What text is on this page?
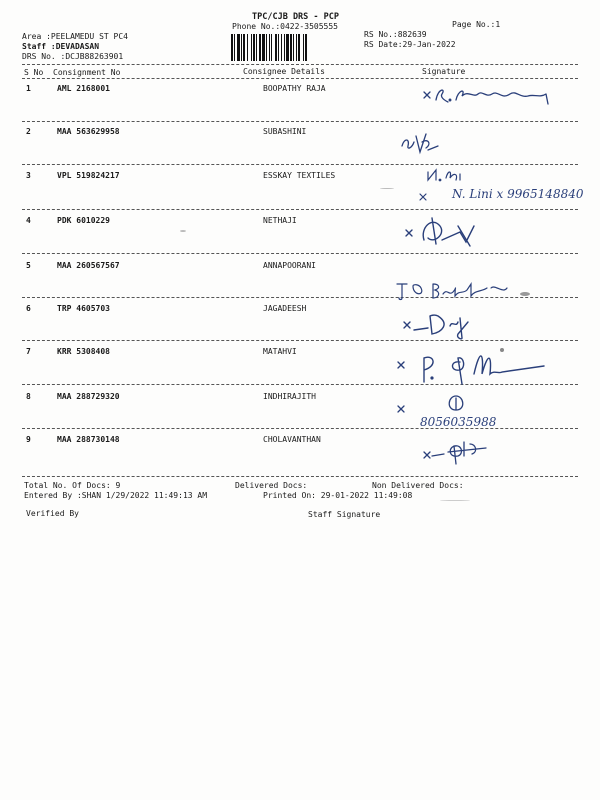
TPC/CJB DRS - PCP
Phone No.:0422-3505555	Page No.:1
Area :PEELAMEDU ST PC4
Staff :DEVADASAN
DRS No. :DCJB88263901
RS No.:882639
RS Date:29-Jan-2022
S No Consignment No	Consignee Details	Signature
1	AML 2168001	BOOPATHY RAJA
2	MAA 563629958	SUBASHINI
3	VPL 519824217	ESSKAY TEXTILES
4	PDK 6010229	NETHAJI
5	MAA 260567567	ANNAPOORANI
6	TRP 4605703	JAGADEESH
7	KRR 5308408	MATAHVI
8	MAA 288729320	INDHIRAJITH
9	MAA 288730148	CHOLAVANTHAN
N. Lini x 9965148840
8056035988
Total No. Of Docs: 9	Delivered Docs:	Non Delivered Docs:
Entered By :SHAN 1/29/2022 11:49:13 AM	Printed On: 29-01-2022 11:49:08
Verified By	Staff Signature
